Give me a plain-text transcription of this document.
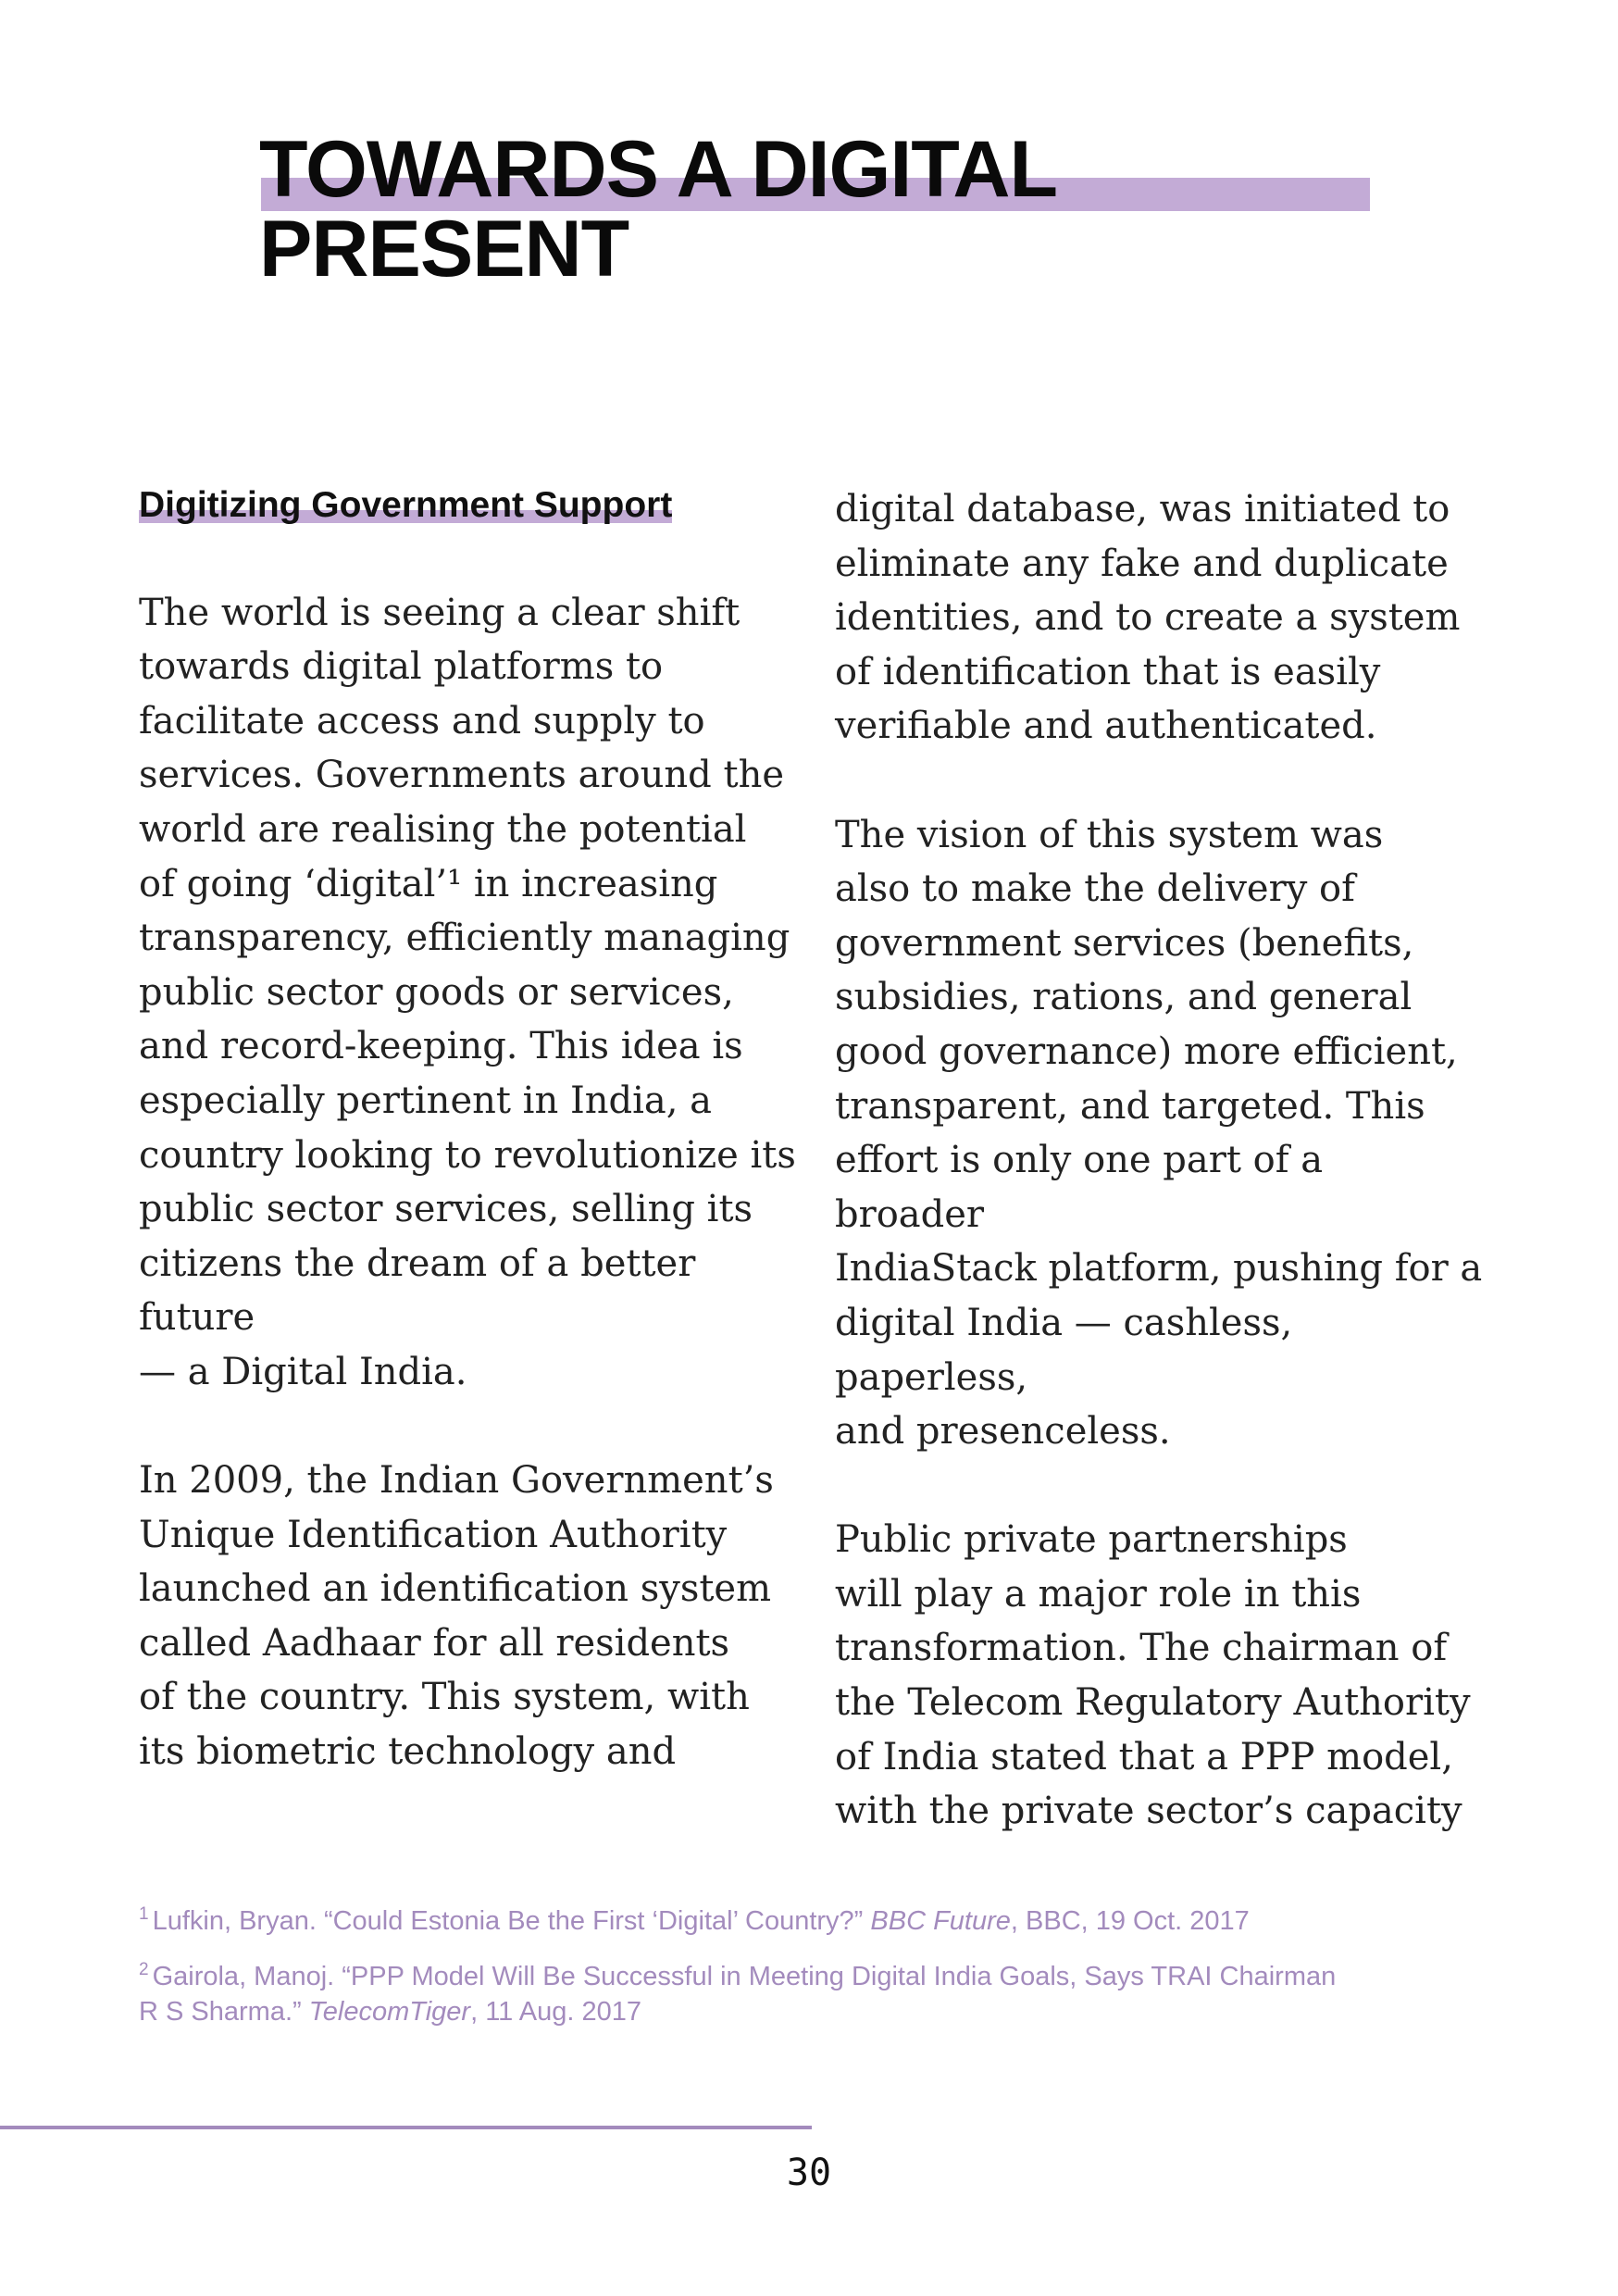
TOWARDS A DIGITAL PRESENT
Digitizing Government Support

The world is seeing a clear shift
towards digital platforms to
facilitate access and supply to
services. Governments around the
world are realising the potential
of going ‘digital’¹ in increasing
transparency, efficiently managing
public sector goods or services,
and record-keeping. This idea is
especially pertinent in India, a
country looking to revolutionize its
public sector services, selling its
citizens the dream of a better future
— a Digital India.

In 2009, the Indian Government’s
Unique Identification Authority
launched an identification system
called Aadhaar for all residents
of the country. This system, with
its biometric technology and

digital database, was initiated to
eliminate any fake and duplicate
identities, and to create a system
of identification that is easily
verifiable and authenticated.

The vision of this system was
also to make the delivery of
government services (benefits,
subsidies, rations, and general
good governance) more efficient,
transparent, and targeted. This
effort is only one part of a broader
IndiaStack platform, pushing for a
digital India — cashless, paperless,
and presenceless.

Public private partnerships
will play a major role in this
transformation. The chairman of
the Telecom Regulatory Authority
of India stated that a PPP model,
with the private sector’s capacity

$^1$ Lufkin, Bryan. “Could Estonia Be the First ‘Digital’ Country?” BBC Future, BBC, 19 Oct. 2017

$^2$ Gairola, Manoj. “PPP Model Will Be Successful in Meeting Digital India Goals, Says TRAI Chairman R S Sharma.” TelecomTiger, 11 Aug. 2017

30
